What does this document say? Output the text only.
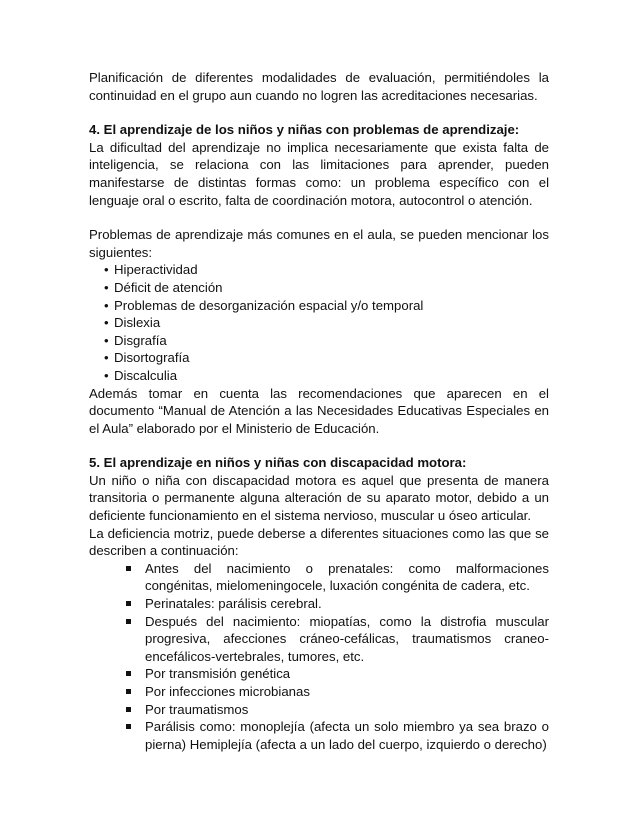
Planificación de diferentes modalidades de evaluación, permitiéndoles la continuidad en el grupo aun cuando no logren las acreditaciones necesarias.

4. El aprendizaje de los niños y niñas con problemas de aprendizaje:

La dificultad del aprendizaje no implica necesariamente que exista falta de inteligencia, se relaciona con las limitaciones para aprender, pueden manifestarse de distintas formas como: un problema específico con el lenguaje oral o escrito, falta de coordinación motora, autocontrol o atención.

Problemas de aprendizaje más comunes en el aula, se pueden mencionar los siguientes:

• Hiperactividad
• Déficit de atención
• Problemas de desorganización espacial y/o temporal
• Dislexia
• Disgrafía
• Disortografía
• Discalculia

Además tomar en cuenta las recomendaciones que aparecen en el documento “Manual de Atención a las Necesidades Educativas Especiales en el Aula” elaborado por el Ministerio de Educación.

5. El aprendizaje en niños y niñas con discapacidad motora:

Un niño o niña con discapacidad motora es aquel que presenta de manera transitoria o permanente alguna alteración de su aparato motor, debido a un deficiente funcionamiento en el sistema nervioso, muscular u óseo articular.

La deficiencia motriz, puede deberse a diferentes situaciones como las que se describen a continuación:

Antes del nacimiento o prenatales: como malformaciones congénitas, mielomeningocele, luxación congénita de cadera, etc.
Perinatales: parálisis cerebral.
Después del nacimiento: miopatías, como la distrofia muscular progresiva, afecciones cráneo-cefálicas, traumatismos craneo-encefálicos-vertebrales, tumores, etc.
Por transmisión genética
Por infecciones microbianas
Por traumatismos
Parálisis como: monoplejía (afecta un solo miembro ya sea brazo o pierna) Hemiplejía (afecta a un lado del cuerpo, izquierdo o derecho)
